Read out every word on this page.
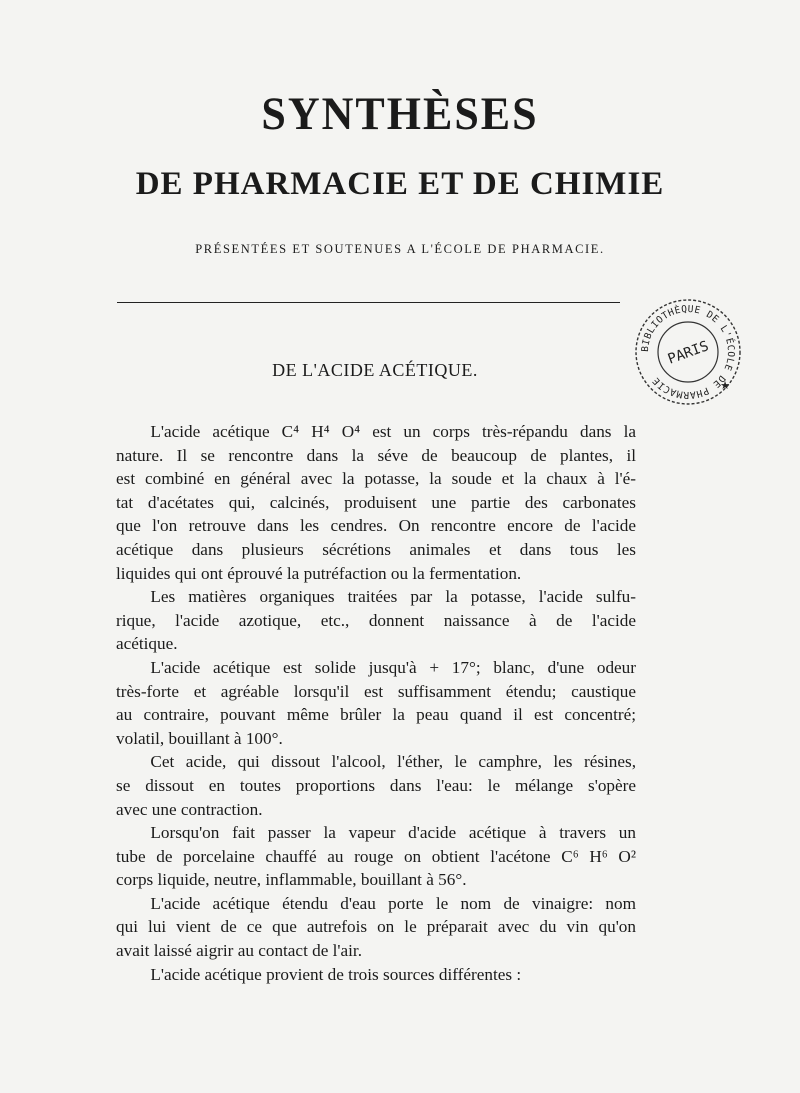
SYNTHÈSES
DE PHARMACIE ET DE CHIMIE
PRÉSENTÉES ET SOUTENUES A L'ÉCOLE DE PHARMACIE.
BIBLIOTHÈQUE DE L'ÉCOLE DE PHARMACIE
PARIS
★
DE L'ACIDE ACÉTIQUE.
  L'acide acétique C⁴ H⁴ O⁴ est un corps très-répandu dans la
nature. Il se rencontre dans la séve de beaucoup de plantes, il
est combiné en général avec la potasse, la soude et la chaux à l'é-
tat d'acétates qui, calcinés, produisent une partie des carbonates
que l'on retrouve dans les cendres. On rencontre encore de l'acide
acétique dans plusieurs sécrétions animales et dans tous les
liquides qui ont éprouvé la putréfaction ou la fermentation.
  Les matières organiques traitées par la potasse, l'acide sulfu-
rique, l'acide azotique, etc., donnent naissance à de l'acide
acétique.
  L'acide acétique est solide jusqu'à + 17°; blanc, d'une odeur
très-forte et agréable lorsqu'il est suffisamment étendu; caustique
au contraire, pouvant même brûler la peau quand il est concentré;
volatil, bouillant à 100°.
  Cet acide, qui dissout l'alcool, l'éther, le camphre, les résines,
se dissout en toutes proportions dans l'eau: le mélange s'opère
avec une contraction.
  Lorsqu'on fait passer la vapeur d'acide acétique à travers un
tube de porcelaine chauffé au rouge on obtient l'acétone C⁶ H⁶ O²
corps liquide, neutre, inflammable, bouillant à 56°.
  L'acide acétique étendu d'eau porte le nom de vinaigre: nom
qui lui vient de ce que autrefois on le préparait avec du vin qu'on
avait laissé aigrir au contact de l'air.
  L'acide acétique provient de trois sources différentes :
